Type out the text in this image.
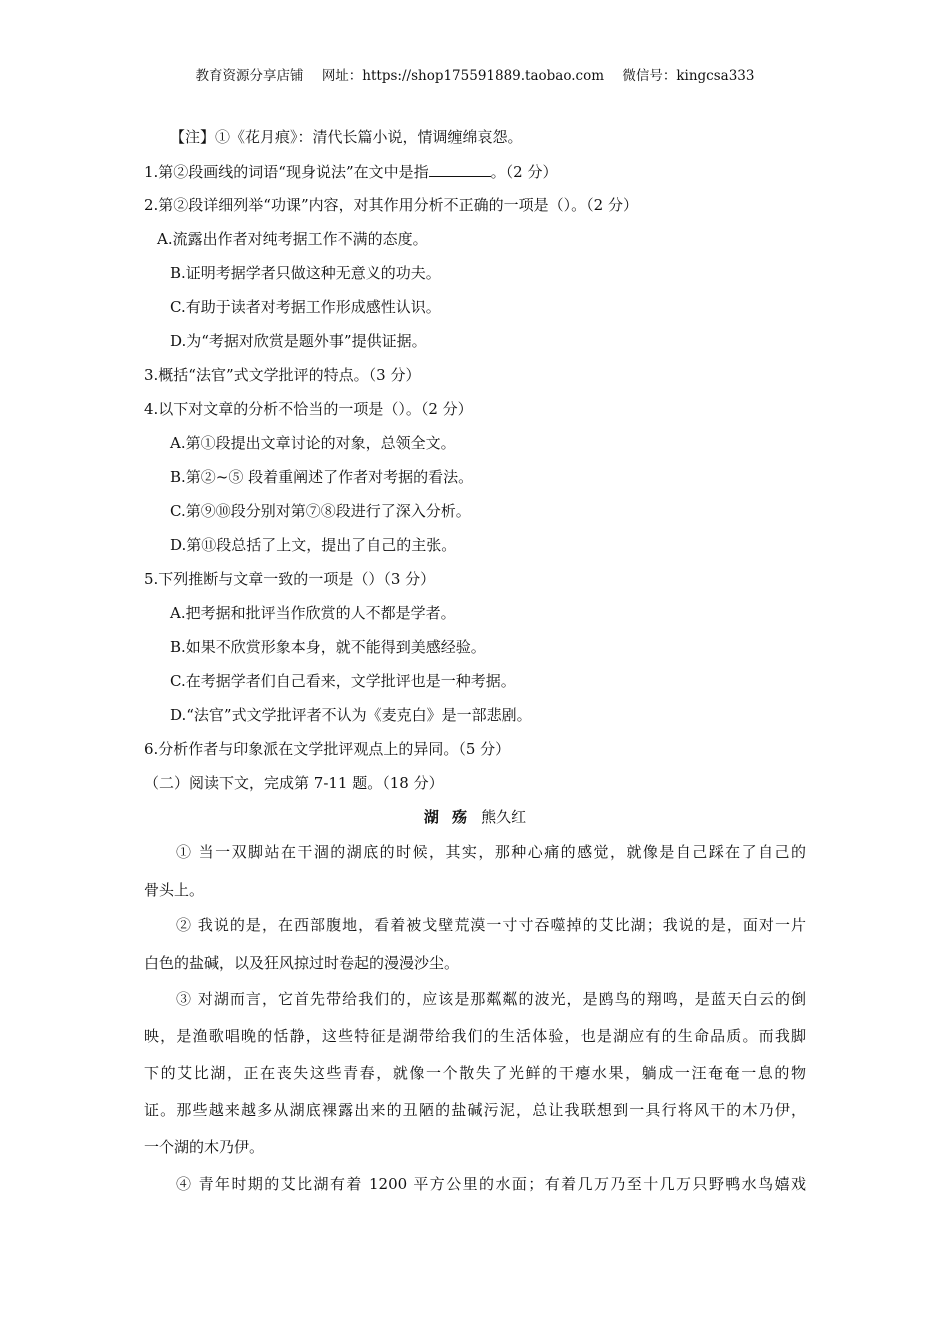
教育资源分享店铺 网址：https://shop175591889.taobao.com 微信号：kingcsa333
【注】①《花月痕》：清代长篇小说，情调缠绵哀怨。
1.第②段画线的词语“现身说法”在文中是指	。（2 分）
2.第②段详细列举“功课”内容，对其作用分析不正确的一项是（）。（2 分）
A.流露出作者对纯考据工作不满的态度。
B.证明考据学者只做这种无意义的功夫。
C.有助于读者对考据工作形成感性认识。
D.为“考据对欣赏是题外事”提供证据。
3.概括“法官”式文学批评的特点。（3 分）
4.以下对文章的分析不恰当的一项是（）。（2 分）
A.第①段提出文章讨论的对象，总领全文。
B.第②~⑤ 段着重阐述了作者对考据的看法。
C.第⑨⑩段分别对第⑦⑧段进行了深入分析。
D.第⑪段总括了上文，提出了自己的主张。
5.下列推断与文章一致的一项是（）（3 分）
A.把考据和批评当作欣赏的人不都是学者。
B.如果不欣赏形象本身，就不能得到美感经验。
C.在考据学者们自己看来，文学批评也是一种考据。
D.“法官”式文学批评者不认为《麦克白》是一部悲剧。
6.分析作者与印象派在文学批评观点上的异同。（5 分）
（二）阅读下文，完成第 7-11 题。（18 分）
湖 殇 熊久红
① 当一双脚站在干涸的湖底的时候，其实，那种心痛的感觉，就像是自己踩在了自己的
骨头上。
② 我说的是，在西部腹地，看着被戈壁荒漠一寸寸吞噬掉的艾比湖；我说的是，面对一片
白色的盐碱，以及狂风掠过时卷起的漫漫沙尘。
③ 对湖而言，它首先带给我们的，应该是那粼粼的波光，是鸥鸟的翔鸣，是蓝天白云的倒
映，是渔歌唱晚的恬静，这些特征是湖带给我们的生活体验，也是湖应有的生命品质。而我脚
下的艾比湖，正在丧失这些青春，就像一个散失了光鲜的干瘪水果，躺成一汪奄奄一息的物
证。那些越来越多从湖底裸露出来的丑陋的盐碱污泥，总让我联想到一具行将风干的木乃伊，
一个湖的木乃伊。
④ 青年时期的艾比湖有着 1200 平方公里的水面；有着几万乃至十几万只野鸭水鸟嬉戏
